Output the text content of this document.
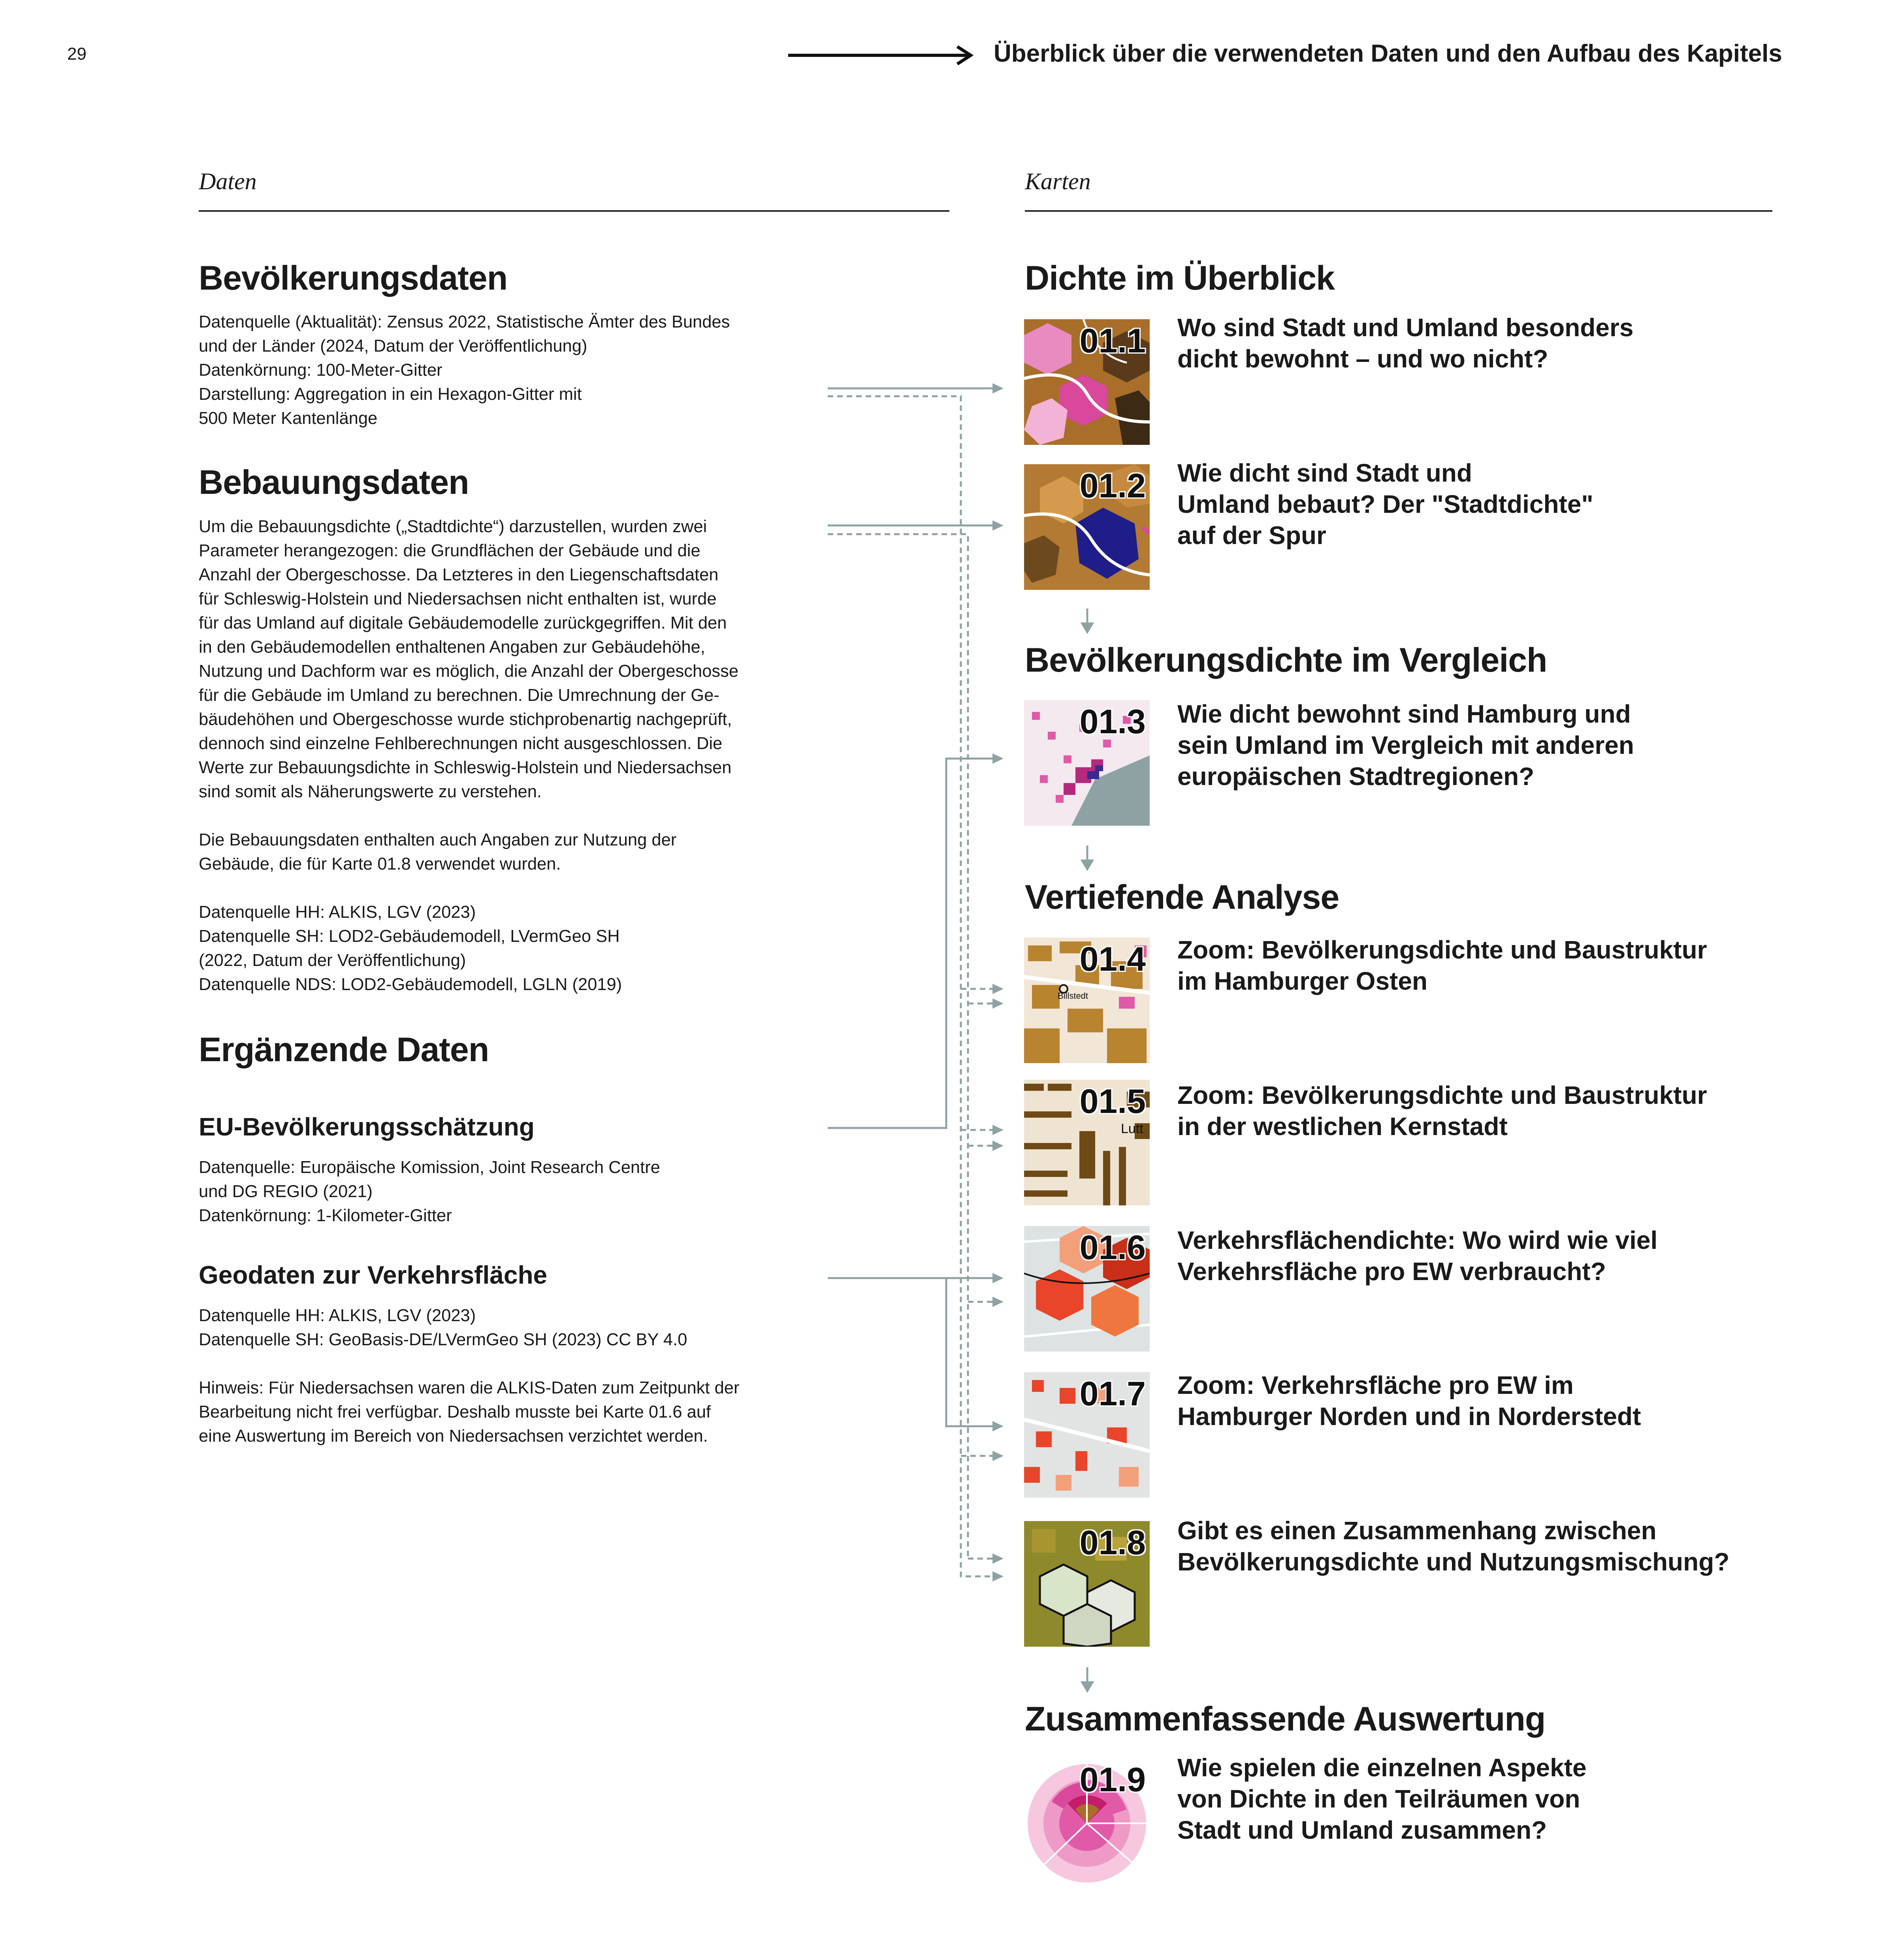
29	Überblick über die verwendeten Daten und den Aufbau des Kapitels
Daten	Karten
Bevölkerungsdaten
Datenquelle (Aktualität): Zensus 2022, Statistische Ämter des Bundes
und der Länder (2024, Datum der Veröffentlichung)
Datenkörnung: 100-Meter-Gitter
Darstellung: Aggregation in ein Hexagon-Gitter mit
500 Meter Kantenlänge
Bebauungsdaten
Um die Bebauungsdichte („Stadtdichte“) darzustellen, wurden zwei
Parameter herangezogen: die Grundflächen der Gebäude und die
Anzahl der Obergeschosse. Da Letzteres in den Liegenschaftsdaten
für Schleswig-Holstein und Niedersachsen nicht enthalten ist, wurde
für das Umland auf digitale Gebäudemodelle zurückgegriffen. Mit den
in den Gebäudemodellen enthaltenen Angaben zur Gebäudehöhe,
Nutzung und Dachform war es möglich, die Anzahl der Obergeschosse
für die Gebäude im Umland zu berechnen. Die Umrechnung der Ge-
bäudehöhen und Obergeschosse wurde stichprobenartig nachgeprüft,
dennoch sind einzelne Fehlberechnungen nicht ausgeschlossen. Die
Werte zur Bebauungsdichte in Schleswig-Holstein und Niedersachsen
sind somit als Näherungswerte zu verstehen.

Die Bebauungsdaten enthalten auch Angaben zur Nutzung der
Gebäude, die für Karte 01.8 verwendet wurden.

Datenquelle HH: ALKIS, LGV (2023)
Datenquelle SH: LOD2-Gebäudemodell, LVermGeo SH
(2022, Datum der Veröffentlichung)
Datenquelle NDS: LOD2-Gebäudemodell, LGLN (2019)
Ergänzende Daten
EU-Bevölkerungsschätzung
Datenquelle: Europäische Komission, Joint Research Centre
und DG REGIO (2021)
Datenkörnung: 1-Kilometer-Gitter
Geodaten zur Verkehrsfläche
Datenquelle HH: ALKIS, LGV (2023)
Datenquelle SH: GeoBasis-DE/LVermGeo SH (2023) CC BY 4.0

Hinweis: Für Niedersachsen waren die ALKIS-Daten zum Zeitpunkt der
Bearbeitung nicht frei verfügbar. Deshalb musste bei Karte 01.6 auf
eine Auswertung im Bereich von Niedersachsen verzichtet werden.
Dichte im Überblick
01.1 Wo sind Stadt und Umland besonders
dicht bewohnt – und wo nicht?
01.2 Wie dicht sind Stadt und
Umland bebaut? Der "Stadtdichte"
auf der Spur
Bevölkerungsdichte im Vergleich
01.3 Wie dicht bewohnt sind Hamburg und
sein Umland im Vergleich mit anderen
europäischen Stadtregionen?
Vertiefende Analyse
Billstedt
01.4 Zoom: Bevölkerungsdichte und Baustruktur
im Hamburger Osten
Lutt
01.5 Zoom: Bevölkerungsdichte und Baustruktur
in der westlichen Kernstadt
01.6 Verkehrsflächendichte: Wo wird wie viel
Verkehrsfläche pro EW verbraucht?
01.7 Zoom: Verkehrsfläche pro EW im
Hamburger Norden und in Norderstedt
01.8 Gibt es einen Zusammenhang zwischen
Bevölkerungsdichte und Nutzungsmischung?
Zusammenfassende Auswertung
01.9 Wie spielen die einzelnen Aspekte
von Dichte in den Teilräumen von
Stadt und Umland zusammen?
